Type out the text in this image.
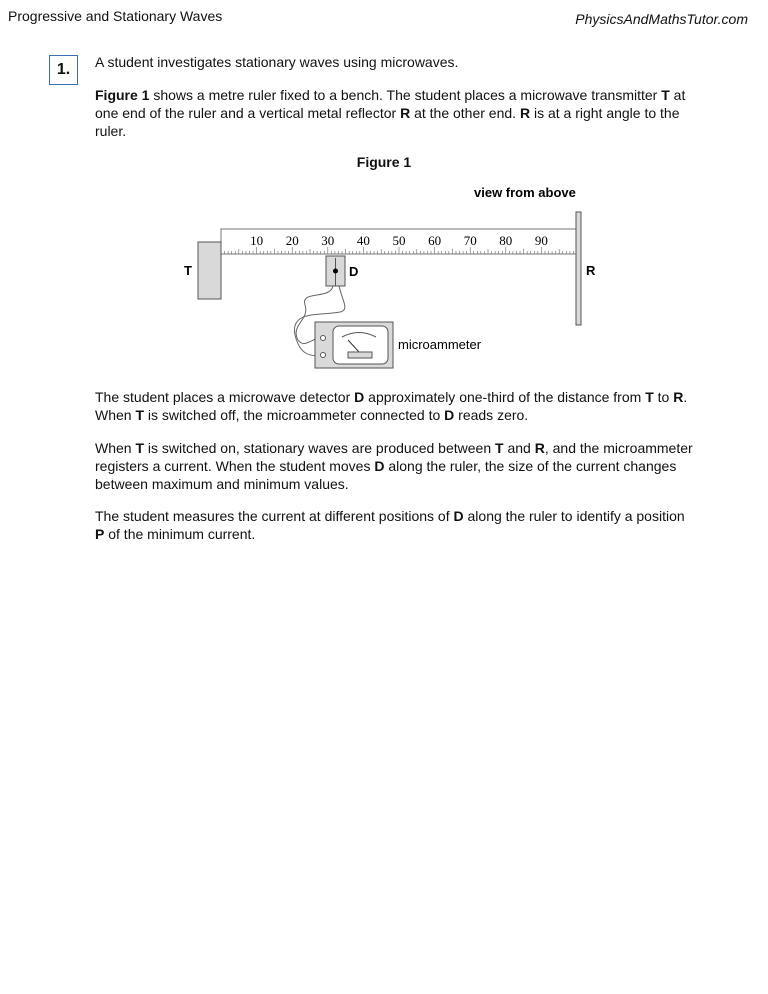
Progressive and Stationary Waves	PhysicsAndMathsTutor.com
1.	A student investigates stationary waves using microwaves.
Figure 1 shows a metre ruler fixed to a bench. The student places a microwave transmitter T at one end of the ruler and a vertical metal reflector R at the other end. R is at a right angle to the ruler.
Figure 1
view from above
10 20 30 40 50 60 70 80 90
T	R
D
microammeter
The student places a microwave detector D approximately one-third of the distance from T to R. When T is switched off, the microammeter connected to D reads zero.
When T is switched on, stationary waves are produced between T and R, and the microammeter registers a current. When the student moves D along the ruler, the size of the current changes between maximum and minimum values.
The student measures the current at different positions of D along the ruler to identify a position P of the minimum current.
